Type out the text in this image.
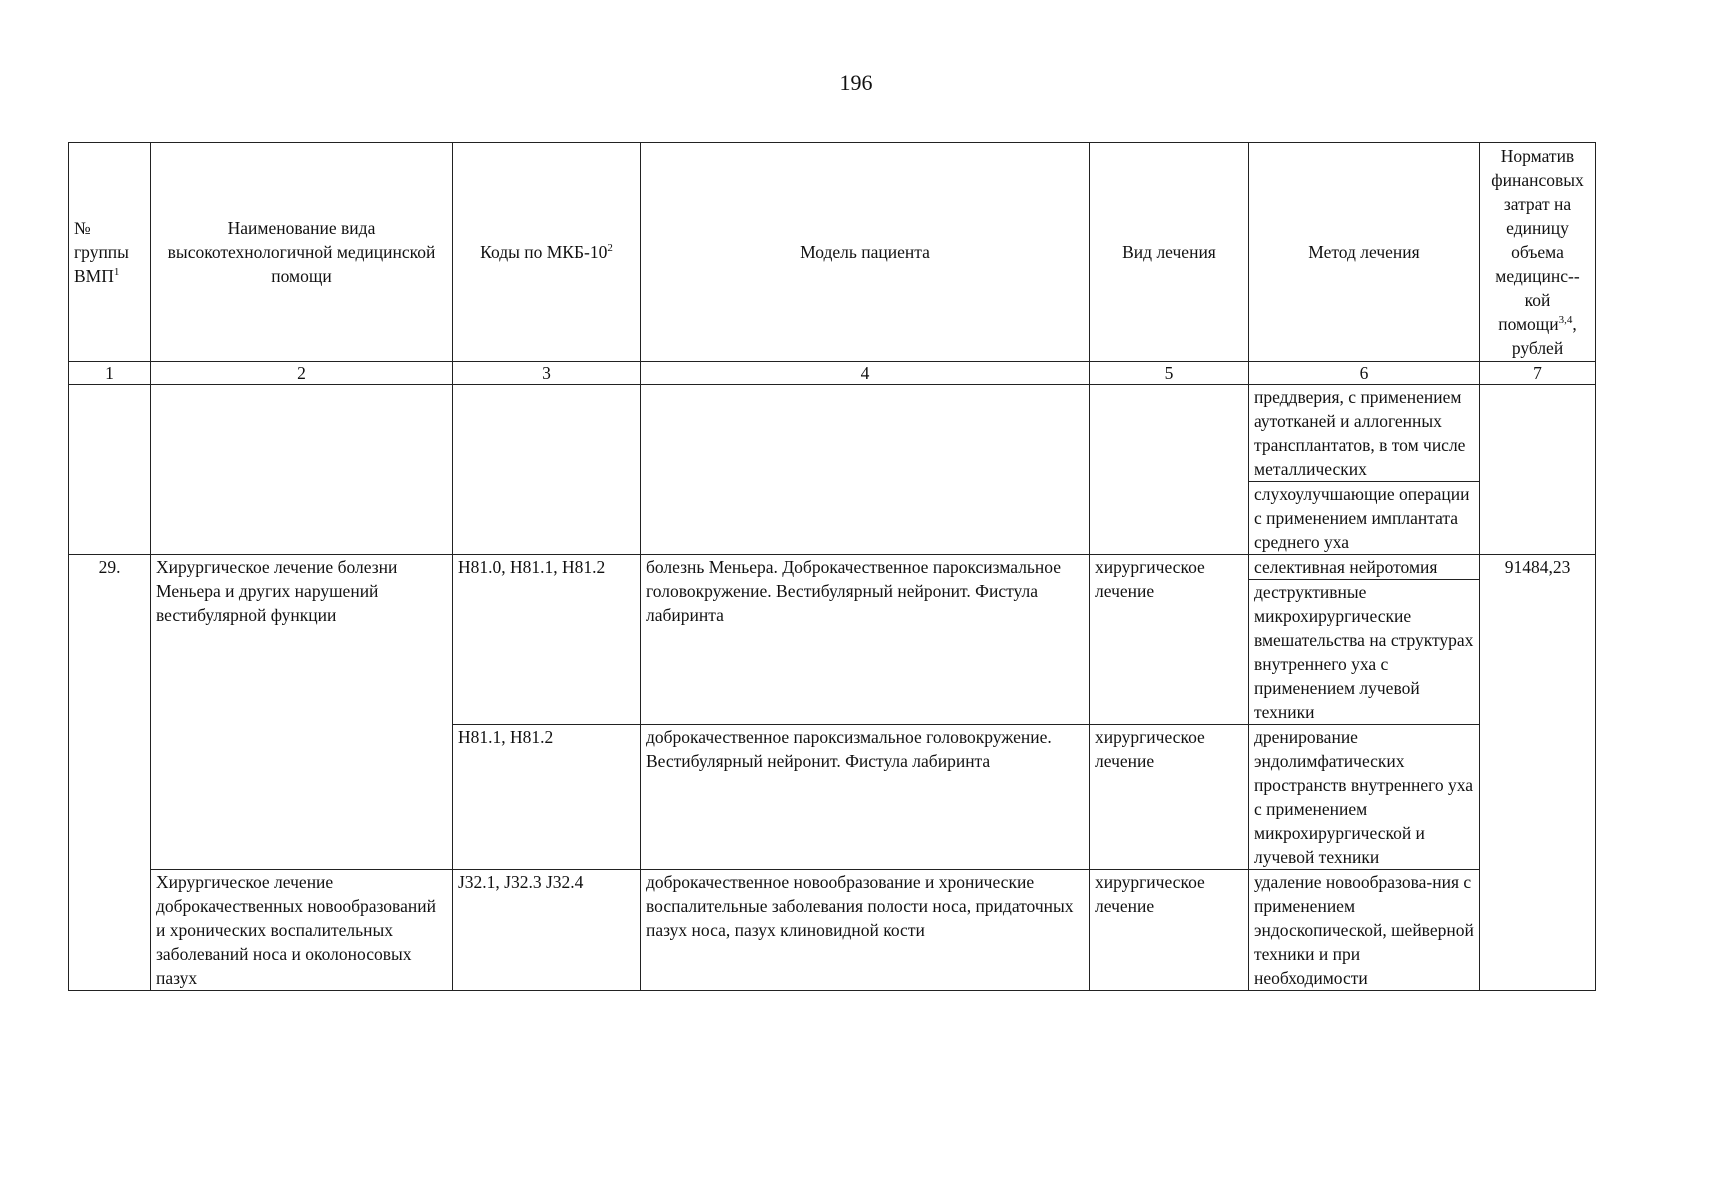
196
№ группы ВМП$^1$	Наименование вида высокотехнологичной медицинской помощи	Коды по МКБ-$10^2$	Модель пациента	Вид лечения	Метод лечения	Норматив финансовых затрат на единицу объема медицинс--кой помощи$^{3,4}$, рублей
1	2	3	4	5	6	7
					преддверия, с применением аутотканей и аллогенных трансплантатов, в том числе металлических	
					слухоулучшающие операции с применением имплантата среднего уха	
29.	Хирургическое лечение болезни Меньера и других нарушений вестибулярной функции	H81.0, H81.1, H81.2	болезнь Меньера. Доброкачественное пароксизмальное головокружение. Вестибулярный нейронит. Фистула лабиринта	хирургическое лечение	селективная нейротомия	91484,23
					деструктивные микрохирургические вмешательства на структурах внутреннего уха с применением лучевой техники	
		H81.1, H81.2	доброкачественное пароксизмальное головокружение. Вестибулярный нейронит. Фистула лабиринта	хирургическое лечение	дренирование эндолимфатических пространств внутреннего уха с применением микрохирургической и лучевой техники	
	Хирургическое лечение доброкачественных новообразований и хронических воспалительных заболеваний носа и околоносовых пазух	J32.1, J32.3 J32.4	доброкачественное новообразование и хронические воспалительные заболевания полости носа, придаточных пазух носа, пазух клиновидной кости	хирургическое лечение	удаление новообразова-ния с применением эндоскопической, шейверной техники и при необходимости	
